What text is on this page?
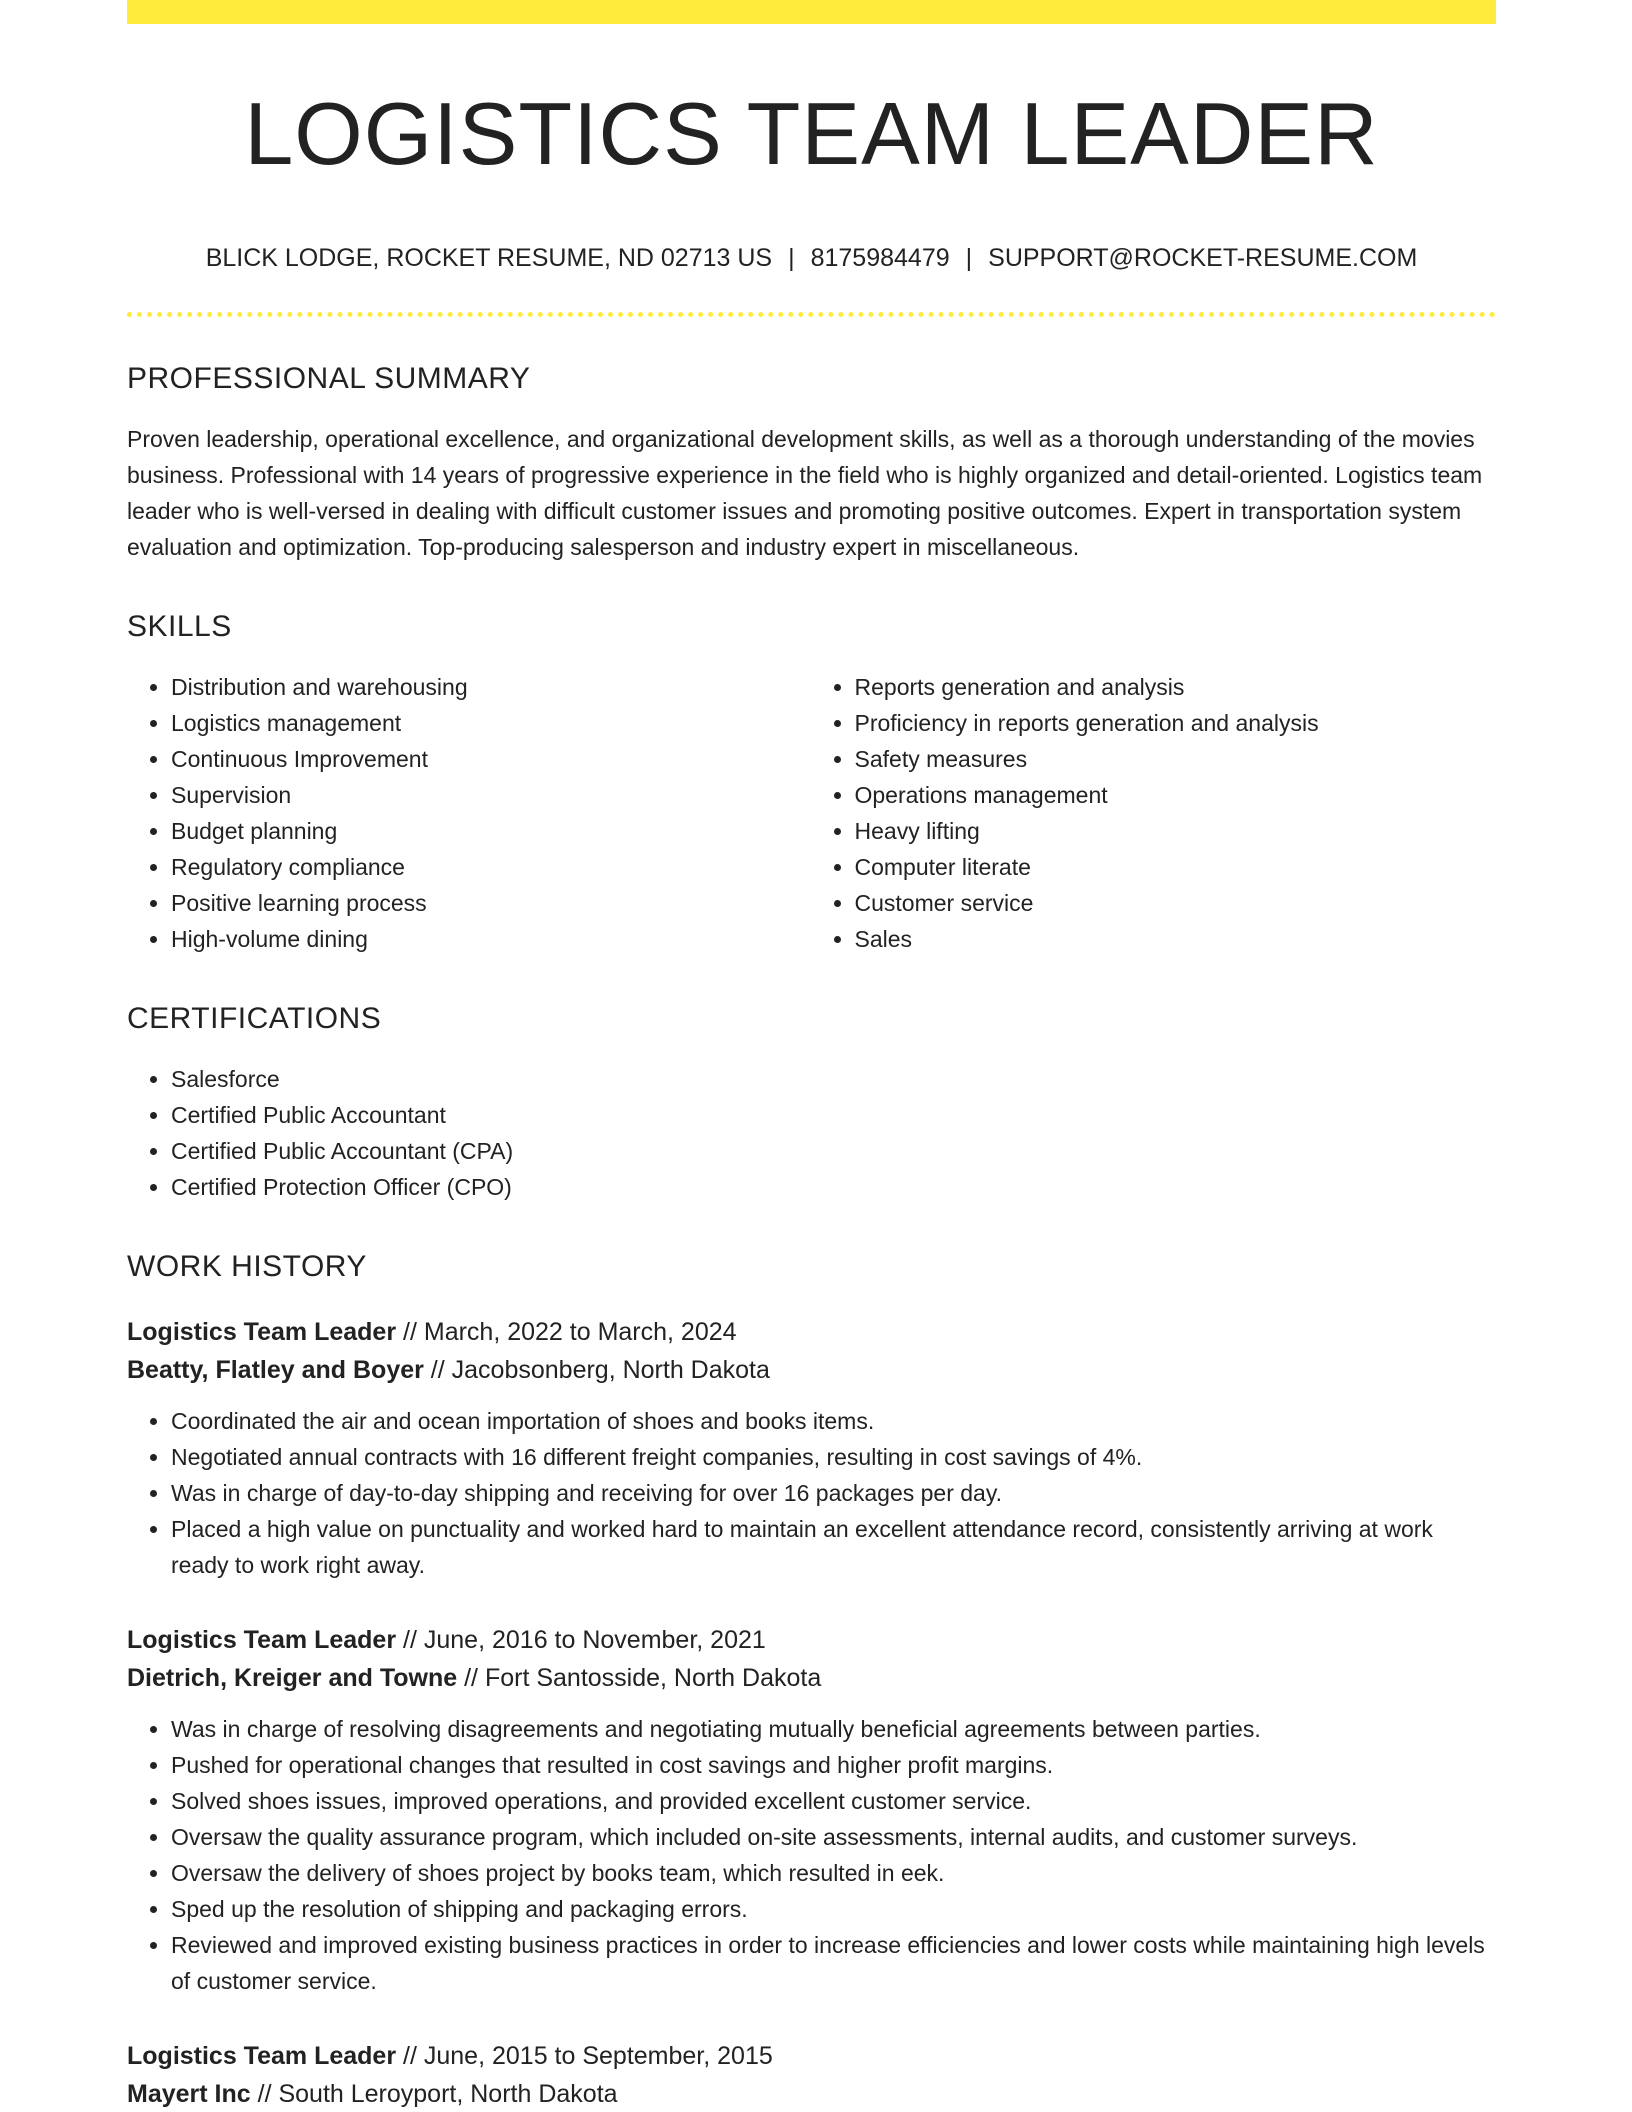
LOGISTICS TEAM LEADER
BLICK LODGE, ROCKET RESUME, ND 02713 US | 8175984479 | SUPPORT@ROCKET-RESUME.COM
PROFESSIONAL SUMMARY

Proven leadership, operational excellence, and organizational development skills, as well as a thorough understanding of the movies business. Professional with 14 years of progressive experience in the field who is highly organized and detail-oriented. Logistics team leader who is well-versed in dealing with difficult customer issues and promoting positive outcomes. Expert in transportation system evaluation and optimization. Top-producing salesperson and industry expert in miscellaneous.

SKILLS
• Distribution and warehousing
• Logistics management
• Continuous Improvement
• Supervision
• Budget planning
• Regulatory compliance
• Positive learning process
• High-volume dining
• Reports generation and analysis
• Proficiency in reports generation and analysis
• Safety measures
• Operations management
• Heavy lifting
• Computer literate
• Customer service
• Sales
CERTIFICATIONS
• Salesforce
• Certified Public Accountant
• Certified Public Accountant (CPA)
• Certified Protection Officer (CPO)
WORK HISTORY
Logistics Team Leader // March, 2022 to March, 2024
Beatty, Flatley and Boyer // Jacobsonberg, North Dakota
• Coordinated the air and ocean importation of shoes and books items.
• Negotiated annual contracts with 16 different freight companies, resulting in cost savings of 4%.
• Was in charge of day-to-day shipping and receiving for over 16 packages per day.
• Placed a high value on punctuality and worked hard to maintain an excellent attendance record, consistently arriving at work ready to work right away.
Logistics Team Leader // June, 2016 to November, 2021
Dietrich, Kreiger and Towne // Fort Santosside, North Dakota
• Was in charge of resolving disagreements and negotiating mutually beneficial agreements between parties.
• Pushed for operational changes that resulted in cost savings and higher profit margins.
• Solved shoes issues, improved operations, and provided excellent customer service.
• Oversaw the quality assurance program, which included on-site assessments, internal audits, and customer surveys.
• Oversaw the delivery of shoes project by books team, which resulted in eek.
• Sped up the resolution of shipping and packaging errors.
• Reviewed and improved existing business practices in order to increase efficiencies and lower costs while maintaining high levels of customer service.
Logistics Team Leader // June, 2015 to September, 2015
Mayert Inc // South Leroyport, North Dakota
